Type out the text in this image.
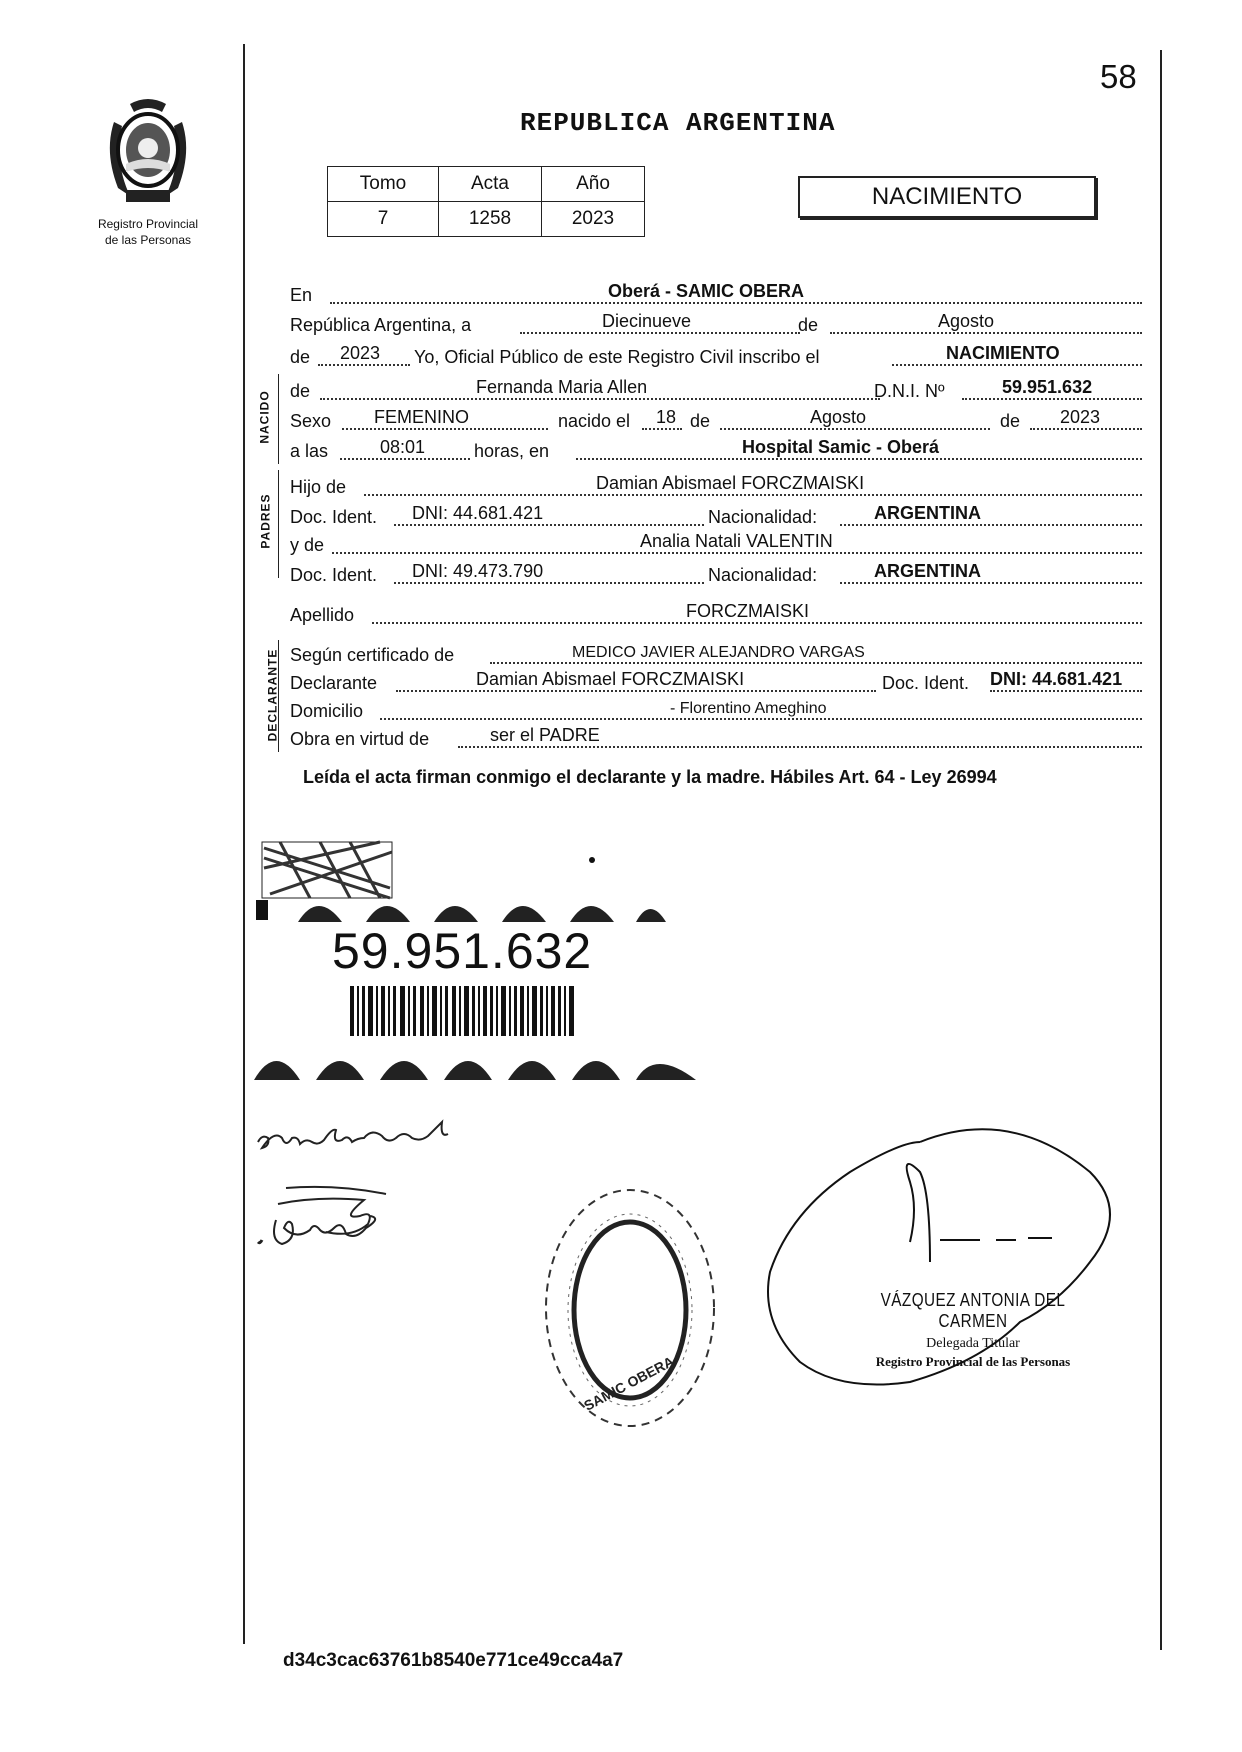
58
Registro Provincial
de las Personas
REPUBLICA ARGENTINA
Tomo	Acta	Año
7	1258	2023
NACIMIENTO
En	Oberá - SAMIC OBERA
República Argentina, a	Diecinueve	de	Agosto
de 2023 Yo, Oficial Público de este Registro Civil inscribo el	NACIMIENTO
NACIDO de	Fernanda Maria Allen	D.N.I. Nº	59.951.632
Sexo FEMENINO	nacido el 18 de	Agosto	de 2023
a las	08:01	horas, en	Hospital Samic - Oberá
PADRES
Hijo de	Damian Abismael FORCZMAISKI
Doc. Ident. DNI: 44.681.421	Nacionalidad:	ARGENTINA
y de	Analia Natali VALENTIN
Doc. Ident. DNI: 49.473.790	Nacionalidad:	ARGENTINA
Apellido	FORCZMAISKI
DECLARANTE Según certificado de	MEDICO JAVIER ALEJANDRO VARGAS
Declarante	Damian Abismael FORCZMAISKI	Doc. Ident. DNI: 44.681.421
Domicilio	- Florentino Ameghino
Obra en virtud de	ser el PADRE
Leída el acta firman conmigo el declarante y la madre. Hábiles Art. 64 - Ley 26994
59.951.632
SAMIC OBERA
VÁZQUEZ ANTONIA DEL CARMEN
Delegada Titular
Registro Provincial de las Personas
d34c3cac63761b8540e771ce49cca4a7
